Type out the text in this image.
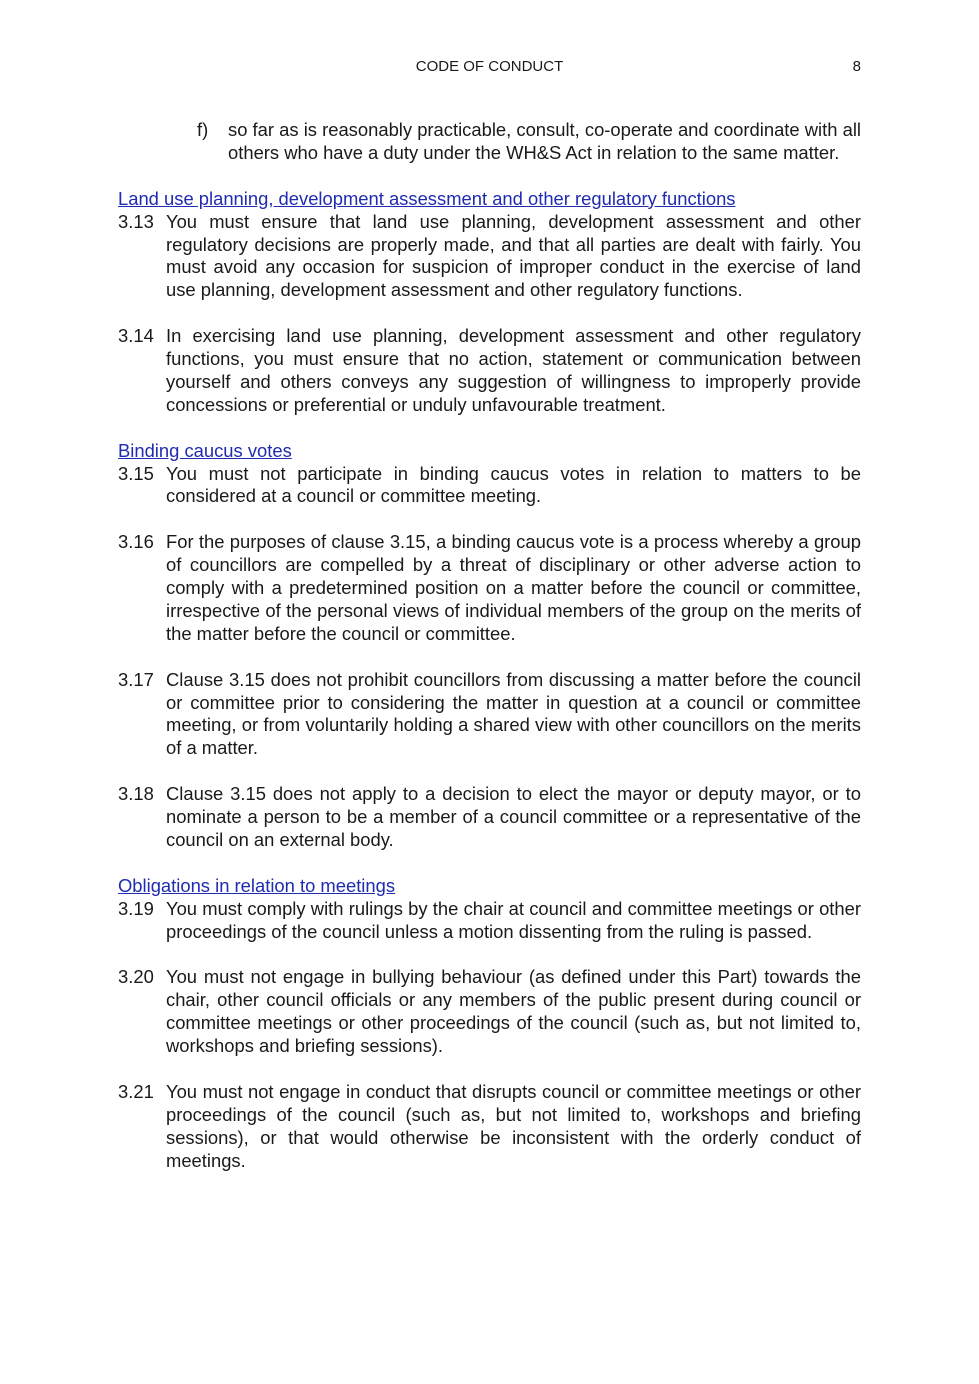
CODE OF CONDUCT	8
f)	so far as is reasonably practicable, consult, co-operate and coordinate with all others who have a duty under the WH&S Act in relation to the same matter.
Land use planning, development assessment and other regulatory functions
3.13 You must ensure that land use planning, development assessment and other regulatory decisions are properly made, and that all parties are dealt with fairly. You must avoid any occasion for suspicion of improper conduct in the exercise of land use planning, development assessment and other regulatory functions.
3.14 In exercising land use planning, development assessment and other regulatory functions, you must ensure that no action, statement or communication between yourself and others conveys any suggestion of willingness to improperly provide concessions or preferential or unduly unfavourable treatment.
Binding caucus votes
3.15 You must not participate in binding caucus votes in relation to matters to be considered at a council or committee meeting.
3.16 For the purposes of clause 3.15, a binding caucus vote is a process whereby a group of councillors are compelled by a threat of disciplinary or other adverse action to comply with a predetermined position on a matter before the council or committee, irrespective of the personal views of individual members of the group on the merits of the matter before the council or committee.
3.17 Clause 3.15 does not prohibit councillors from discussing a matter before the council or committee prior to considering the matter in question at a council or committee meeting, or from voluntarily holding a shared view with other councillors on the merits of a matter.
3.18 Clause 3.15 does not apply to a decision to elect the mayor or deputy mayor, or to nominate a person to be a member of a council committee or a representative of the council on an external body.
Obligations in relation to meetings
3.19 You must comply with rulings by the chair at council and committee meetings or other proceedings of the council unless a motion dissenting from the ruling is passed.
3.20 You must not engage in bullying behaviour (as defined under this Part) towards the chair, other council officials or any members of the public present during council or committee meetings or other proceedings of the council (such as, but not limited to, workshops and briefing sessions).
3.21 You must not engage in conduct that disrupts council or committee meetings or other proceedings of the council (such as, but not limited to, workshops and briefing sessions), or that would otherwise be inconsistent with the orderly conduct of meetings.
